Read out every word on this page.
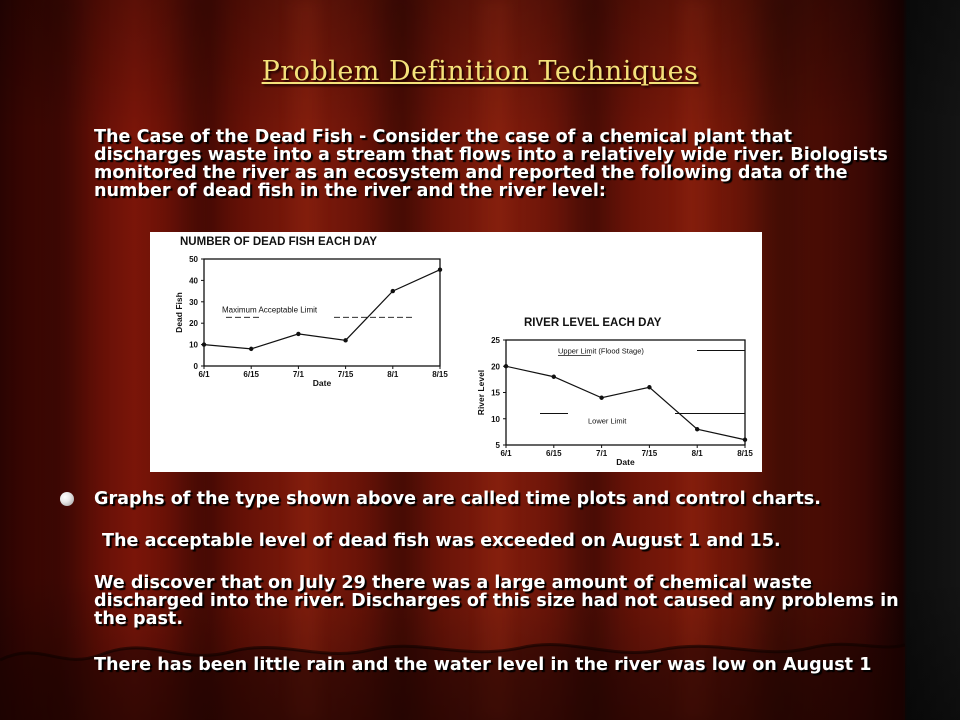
Problem Definition Techniques
The Case of the Dead Fish - Consider the case of a chemical plant that discharges waste into a stream that flows into a relatively wide river. Biologists monitored the river as an ecosystem and reported the following data of the number of dead fish in the river and the river level:
NUMBER OF DEAD FISH EACH DAY
0
10
20
30
40
50
6/1	6/15	7/1	7/15	8/1	8/15
Date
Dead Fish	Maximum Acceptable Limit
RIVER LEVEL EACH DAY
5
10
15
20
25
6/1	6/15	7/1	7/15	8/1	8/15
Date
River Level
Upper Limit (Flood Stage)
Lower Limit
Graphs of the type shown above are called time plots and control charts.
The acceptable level of dead fish was exceeded on August 1 and 15.
We discover that on July 29 there was a large amount of chemical waste discharged into the river. Discharges of this size had not caused any problems in the past.
There has been little rain and the water level in the river was low on August 1
